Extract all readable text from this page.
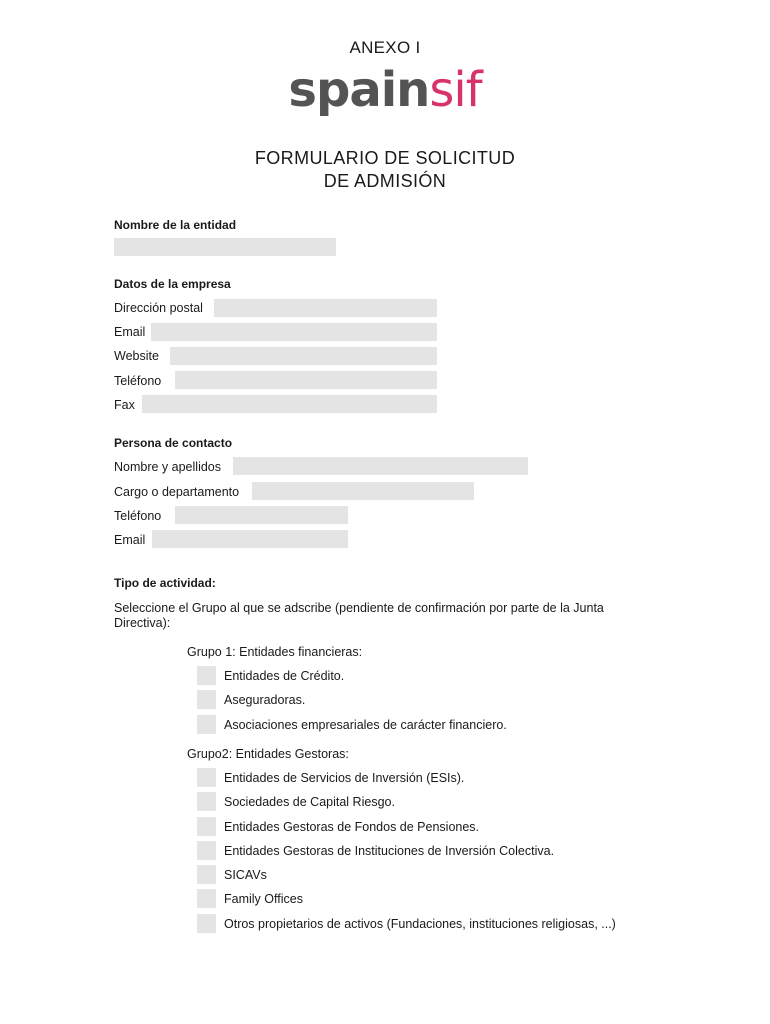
ANEXO I
spainsif
FORMULARIO DE SOLICITUD
DE ADMISIÓN
Nombre de la entidad
Datos de la empresa
Dirección postal
Email
Website
Teléfono
Fax
Persona de contacto
Nombre y apellidos
Cargo o departamento
Teléfono
Email
Tipo de actividad:
Seleccione el Grupo al que se adscribe (pendiente de confirmación por parte de la Junta Directiva):
Grupo 1: Entidades financieras:
Entidades de Crédito.
Aseguradoras.
Asociaciones empresariales de carácter financiero.
Grupo2: Entidades Gestoras:
Entidades de Servicios de Inversión (ESIs).
Sociedades de Capital Riesgo.
Entidades Gestoras de Fondos de Pensiones.
Entidades Gestoras de Instituciones de Inversión Colectiva.
SICAVs
Family Offices
Otros propietarios de activos (Fundaciones, instituciones religiosas, ...)
